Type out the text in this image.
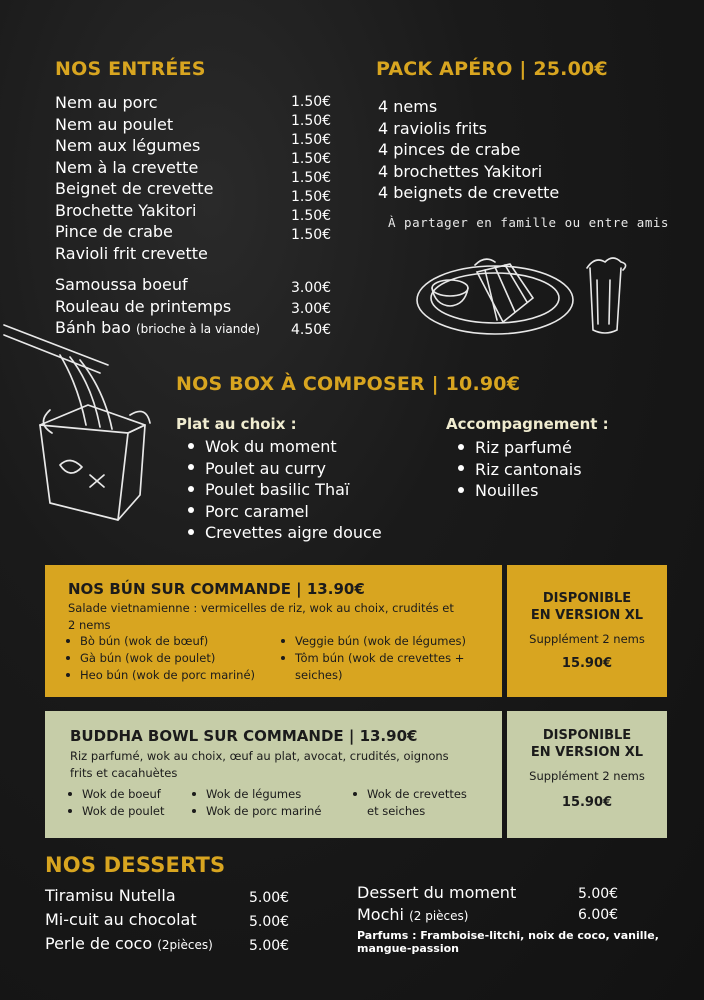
NOS ENTRÉES
Nem au porc
Nem au poulet
Nem aux légumes
Nem à la crevette
Beignet de crevette
Brochette Yakitori
Pince de crabe
Ravioli frit crevette
1.50€
1.50€
1.50€
1.50€
1.50€
1.50€
1.50€
1.50€
Samoussa boeuf
Rouleau de printemps
Bánh bao (brioche à la viande)
3.00€
3.00€
4.50€
PACK APÉRO | 25.00€
4 nems
4 raviolis frits
4 pinces de crabe
4 brochettes Yakitori
4 beignets de crevette
À partager en famille ou entre amis
NOS BOX À COMPOSER | 10.90€
Plat au choix :
Wok du moment
Poulet au curry
Poulet basilic Thaï
Porc caramel
Crevettes aigre douce
Accompagnement :
Riz parfumé
Riz cantonais
Nouilles
NOS BÚN SUR COMMANDE | 13.90€
Salade vietnamienne : vermicelles de riz, wok au choix, crudités et
2 nems
Bò bún (wok de bœuf)
Gà bún (wok de poulet)
Heo bún (wok de porc mariné)
Veggie bún (wok de légumes)
Tôm bún (wok de crevettes +
seiches)
DISPONIBLE
EN VERSION XL
Supplément 2 nems
15.90€
BUDDHA BOWL SUR COMMANDE | 13.90€
Riz parfumé, wok au choix, œuf au plat, avocat, crudités, oignons
frits et cacahuètes
Wok de boeuf
Wok de poulet
Wok de légumes
Wok de porc mariné
Wok de crevettes
et seiches
DISPONIBLE
EN VERSION XL
Supplément 2 nems
15.90€
NOS DESSERTS
Tiramisu Nutella
Mi-cuit au chocolat
Perle de coco (2pièces)
5.00€
5.00€
5.00€
Dessert du moment
Mochi (2 pièces)
5.00€
6.00€
Parfums : Framboise-litchi, noix de coco, vanille,
mangue-passion
